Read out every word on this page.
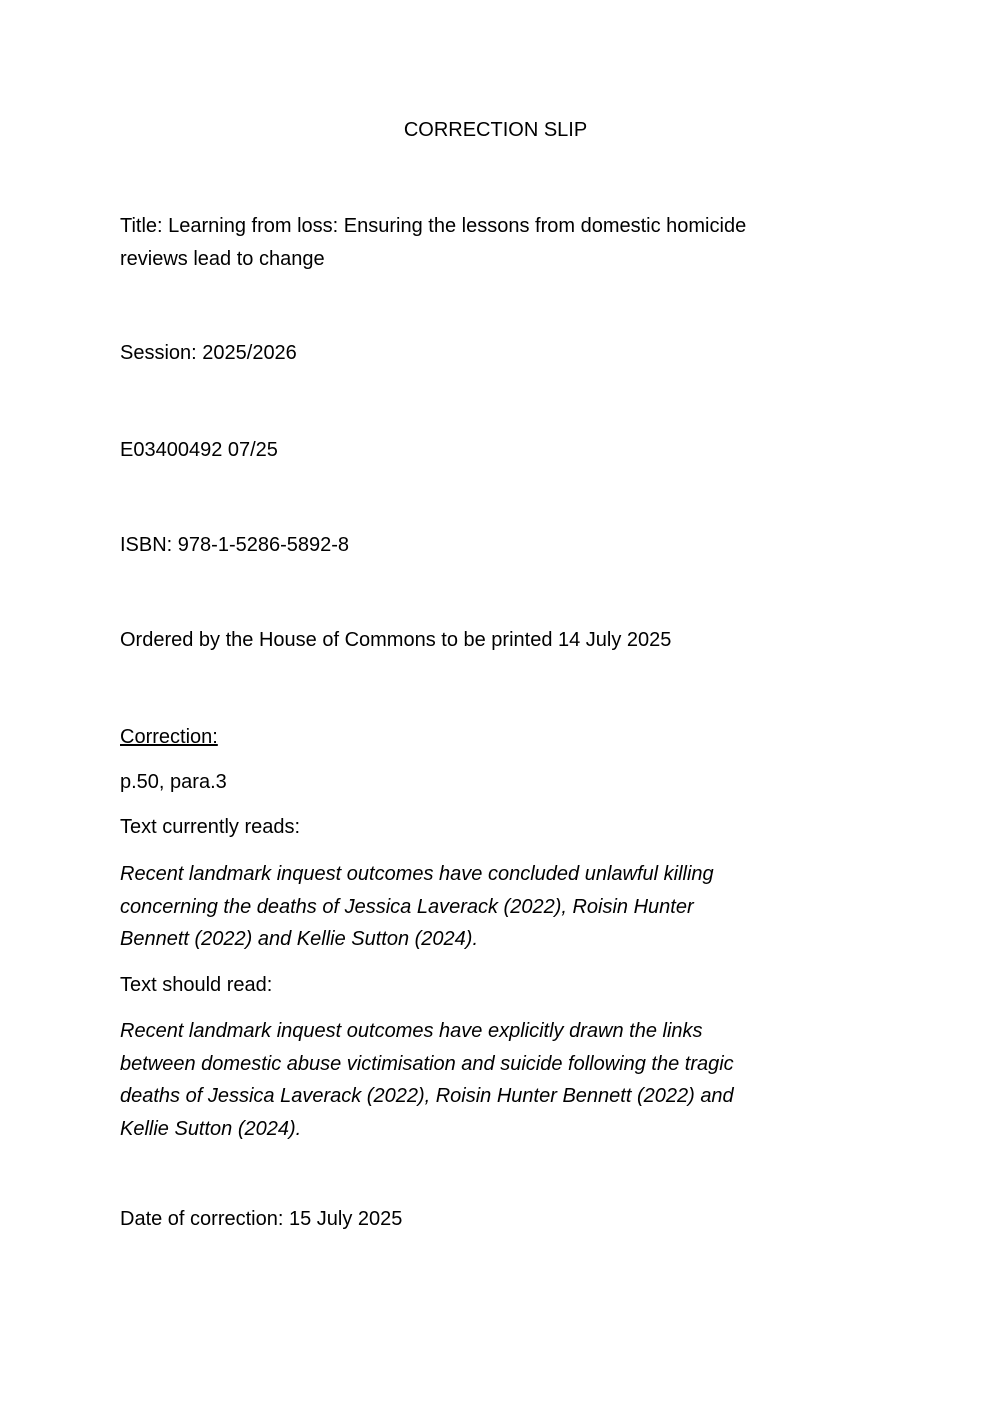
CORRECTION SLIP

Title: Learning from loss: Ensuring the lessons from domestic homicide
reviews lead to change

Session: 2025/2026

E03400492 07/25

ISBN: 978-1-5286-5892-8

Ordered by the House of Commons to be printed 14 July 2025

Correction:

p.50, para.3

Text currently reads:

Recent landmark inquest outcomes have concluded unlawful killing
concerning the deaths of Jessica Laverack (2022), Roisin Hunter
Bennett (2022) and Kellie Sutton (2024).

Text should read:

Recent landmark inquest outcomes have explicitly drawn the links
between domestic abuse victimisation and suicide following the tragic
deaths of Jessica Laverack (2022), Roisin Hunter Bennett (2022) and
Kellie Sutton (2024).

Date of correction: 15 July 2025
